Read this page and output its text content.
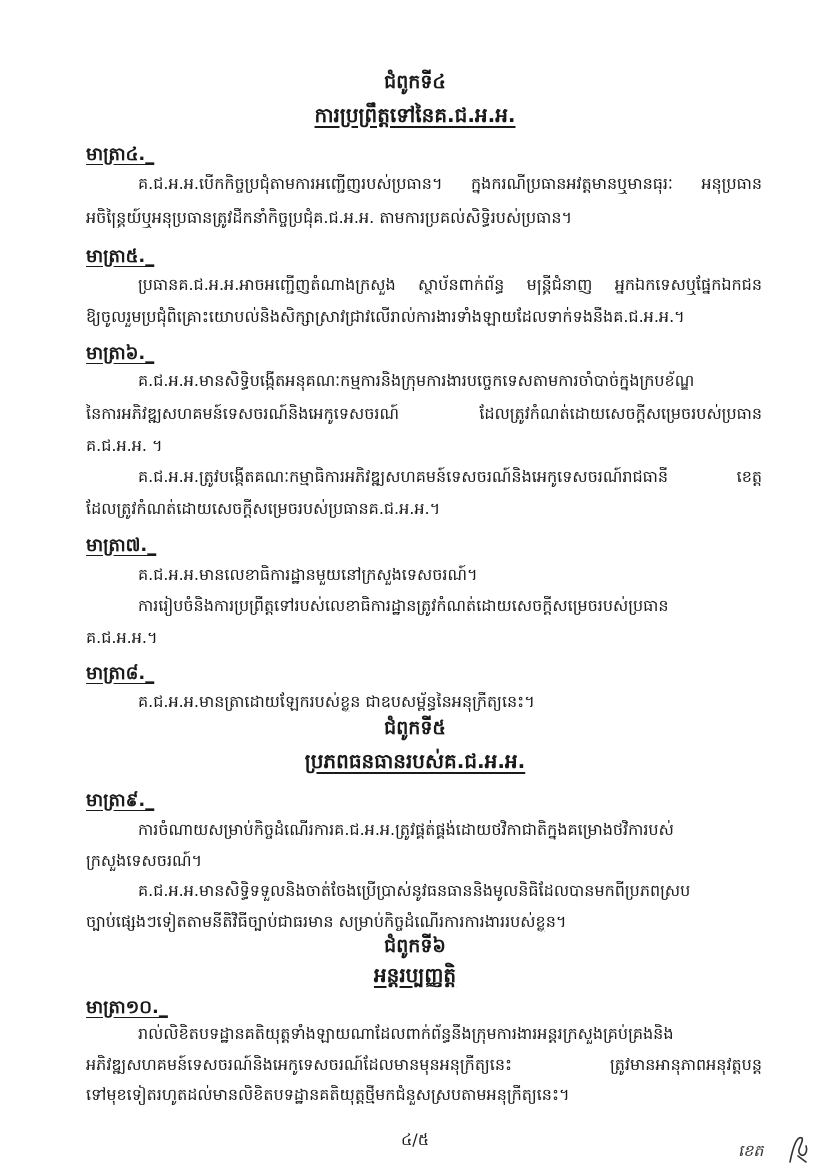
ជំពូកទី៤
ការប្រព្រឹត្តទៅនៃគ.ជ.អ.អ.
មាត្រា៤._
គ.ជ.អ.អ.បើកកិច្ចប្រជុំតាមការអញ្ជើញរបស់ប្រធាន។ ក្នុងករណីប្រធានអវត្តមានឬមានធុរៈ អនុប្រធាន
អចិន្ត្រៃយ៍ឬអនុប្រធានត្រូវដឹកនាំកិច្ចប្រជុំគ.ជ.អ.អ. តាមការប្រគល់សិទ្ធិរបស់ប្រធាន។
មាត្រា៥._
ប្រធានគ.ជ.អ.អ.អាចអញ្ជើញតំណាងក្រសួង ស្ថាប័នពាក់ព័ន្ធ មន្ត្រីជំនាញ អ្នកឯកទេសឬផ្នែកឯកជន
ឱ្យចូលរួមប្រជុំពិគ្រោះយោបល់និងសិក្សាស្រាវជ្រាវលើរាល់ការងារទាំងឡាយដែលទាក់ទងនឹងគ.ជ.អ.អ.។
មាត្រា៦._
គ.ជ.អ.អ.មានសិទ្ធិបង្កើតអនុគណៈកម្មការនិងក្រុមការងារបច្ចេកទេសតាមការចាំបាច់ក្នុងក្របខ័ណ្ឌ
នៃការអភិវឌ្ឍសហគមន៍ទេសចរណ៍និងអេកូទេសចរណ៍ ដែលត្រូវកំណត់ដោយសេចក្តីសម្រេចរបស់ប្រធាន
គ.ជ.អ.អ. ។
គ.ជ.អ.អ.ត្រូវបង្កើតគណៈកម្មាធិការអភិវឌ្ឍសហគមន៍ទេសចរណ៍និងអេកូទេសចរណ៍រាជធានី ខេត្ត
ដែលត្រូវកំណត់ដោយសេចក្តីសម្រេចរបស់ប្រធានគ.ជ.អ.អ.។
មាត្រា៧._
គ.ជ.អ.អ.មានលេខាធិការដ្ឋានមួយនៅក្រសួងទេសចរណ៍។
ការរៀបចំនិងការប្រព្រឹត្តទៅរបស់លេខាធិការដ្ឋានត្រូវកំណត់ដោយសេចក្តីសម្រេចរបស់ប្រធាន
គ.ជ.អ.អ.។
មាត្រា៨._
គ.ជ.អ.អ.មានត្រាដោយឡែករបស់ខ្លួន ជាឧបសម្ព័ន្ធនៃអនុក្រឹត្យនេះ។
ជំពូកទី៥
ប្រភពធនធានរបស់គ.ជ.អ.អ.
មាត្រា៩._
ការចំណាយសម្រាប់កិច្ចដំណើរការគ.ជ.អ.អ.ត្រូវផ្គត់ផ្គង់ដោយថវិកាជាតិក្នុងគម្រោងថវិការបស់
ក្រសួងទេសចរណ៍។
គ.ជ.អ.អ.មានសិទ្ធិទទួលនិងចាត់ចែងប្រើប្រាស់នូវធនធាននិងមូលនិធិដែលបានមកពីប្រភពស្រប
ច្បាប់ផ្សេងៗទៀតតាមនីតិវិធីច្បាប់ជាធរមាន សម្រាប់កិច្ចដំណើរការការងាររបស់ខ្លួន។
ជំពូកទី៦
អន្តរប្បញ្ញត្តិ
មាត្រា១០._
រាល់លិខិតបទដ្ឋានគតិយុត្តទាំងឡាយណាដែលពាក់ព័ន្ធនឹងក្រុមការងារអន្តរក្រសួងគ្រប់គ្រងនិង
អភិវឌ្ឍសហគមន៍ទេសចរណ៍និងអេកូទេសចរណ៍ដែលមានមុនអនុក្រឹត្យនេះ ត្រូវមានអានុភាពអនុវត្តបន្ត
ទៅមុខទៀតរហូតដល់មានលិខិតបទដ្ឋានគតិយុត្តថ្មីមកជំនួសស្របតាមអនុក្រឹត្យនេះ។
៤/៥
ខេត
